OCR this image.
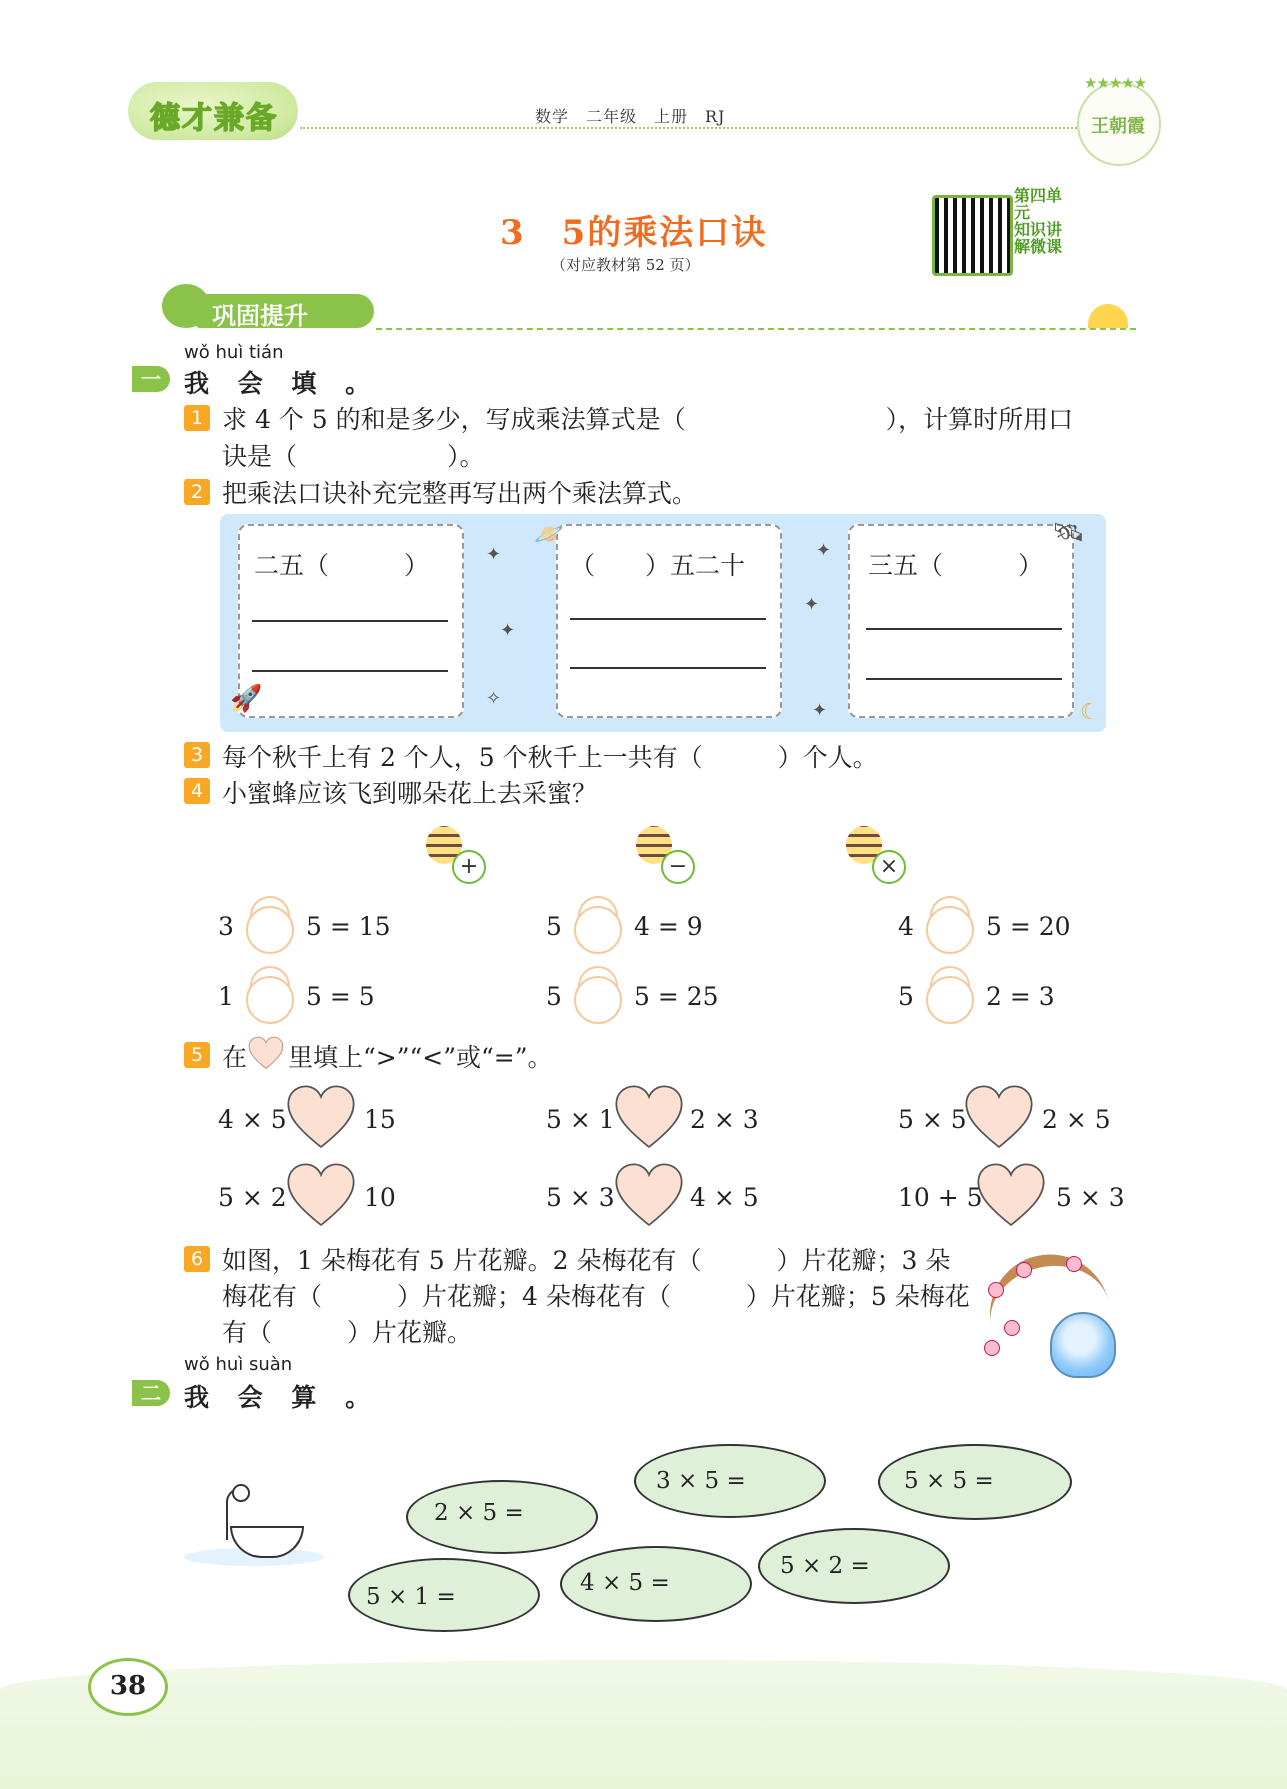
德才兼备	数学　二年级　上册　RJ
★★★★★
王朝霞
3　5的乘法口诀
（对应教材第 52 页）
第四单元
知识讲解微课
巩固提升
wǒ huì tián
一 我 会 填 。
1 求 4 个 5 的和是多少，写成乘法算式是（　　　　　　　　），计算时所用口
诀是（　　　　　　）。
2 把乘法口诀补充完整再写出两个乘法算式。
二五（　　　）	（　　）五二十	三五（　　　）
✦
✦
✧
✦
✦
✦
🪐	🛰
🚀	☾
3 每个秋千上有 2 个人，5 个秋千上一共有（　　　）个人。
4 小蜜蜂应该飞到哪朵花上去采蜜？
+	−	×
3	5 = 15	5	4 = 9	4	5 = 20
1	5 = 5	5	5 = 25	5	2 = 3
5 在 里填上“>”“<”或“=”。
4 × 5	15	5 × 1	2 × 3	5 × 5	2 × 5
5 × 2	10	5 × 3	4 × 5	10 + 5	5 × 3
6 如图，1 朵梅花有 5 片花瓣。2 朵梅花有（　　　）片花瓣；3 朵
梅花有（　　　）片花瓣；4 朵梅花有（　　　）片花瓣；5 朵梅花
有（　　　）片花瓣。
wǒ huì suàn
二 我 会 算 。
2 × 5 =
3 × 5 =	5 × 5 =
5 × 1 =
4 × 5 =
5 × 2 =
38
